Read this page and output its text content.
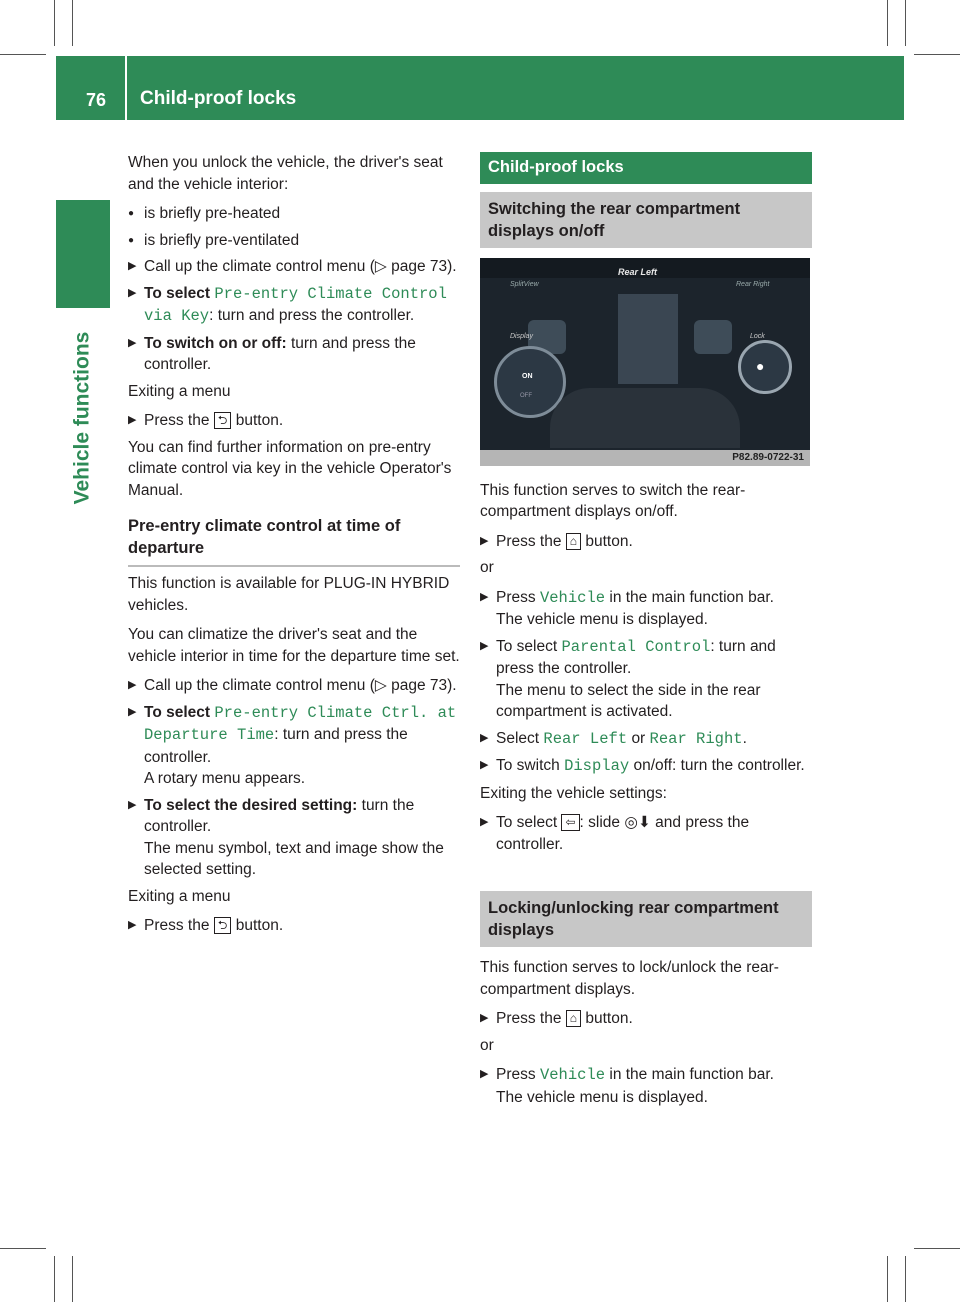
76 Child-proof locks
Vehicle functions

When you unlock the vehicle, the driver's seat and the vehicle interior:

● is briefly pre-heated
● is briefly pre-ventilated
▶ Call up the climate control menu (▷ page 73).
▶ To select Pre-entry Climate Control via Key: turn and press the controller.
▶ To switch on or off: turn and press the controller.

Exiting a menu

▶ Press the ⮌ button.

You can find further information on pre-entry climate control via key in the vehicle Operator's Manual.

Pre-entry climate control at time of departure

This function is available for PLUG-IN HYBRID vehicles.

You can climatize the driver's seat and the vehicle interior in time for the departure time set.

▶ Call up the climate control menu (▷ page 73).
▶ To select Pre-entry Climate Ctrl. at Departure Time: turn and press the controller.
A rotary menu appears.
▶ To select the desired setting: turn the controller.
The menu symbol, text and image show the selected setting.

Exiting a menu

▶ Press the ⮌ button.
Child-proof locks
Switching the rear compartment displays on/off
Rear Left
SplitView	Rear Right
Display	Lock
ON
OFF
●
P82.89-0722-31

This function serves to switch the rear-compartment displays on/off.

▶ Press the ⌂ button.

or

▶ Press Vehicle in the main function bar.
The vehicle menu is displayed.
▶ To select Parental Control: turn and press the controller.
The menu to select the side in the rear compartment is activated.
▶ Select Rear Left or Rear Right.
▶ To switch Display on/off: turn the controller.

Exiting the vehicle settings:

▶ To select ⇦ : slide ◎⬇ and press the controller.
Locking/unlocking rear compartment displays

This function serves to lock/unlock the rear-compartment displays.

▶ Press the ⌂ button.

or

▶ Press Vehicle in the main function bar.
The vehicle menu is displayed.
